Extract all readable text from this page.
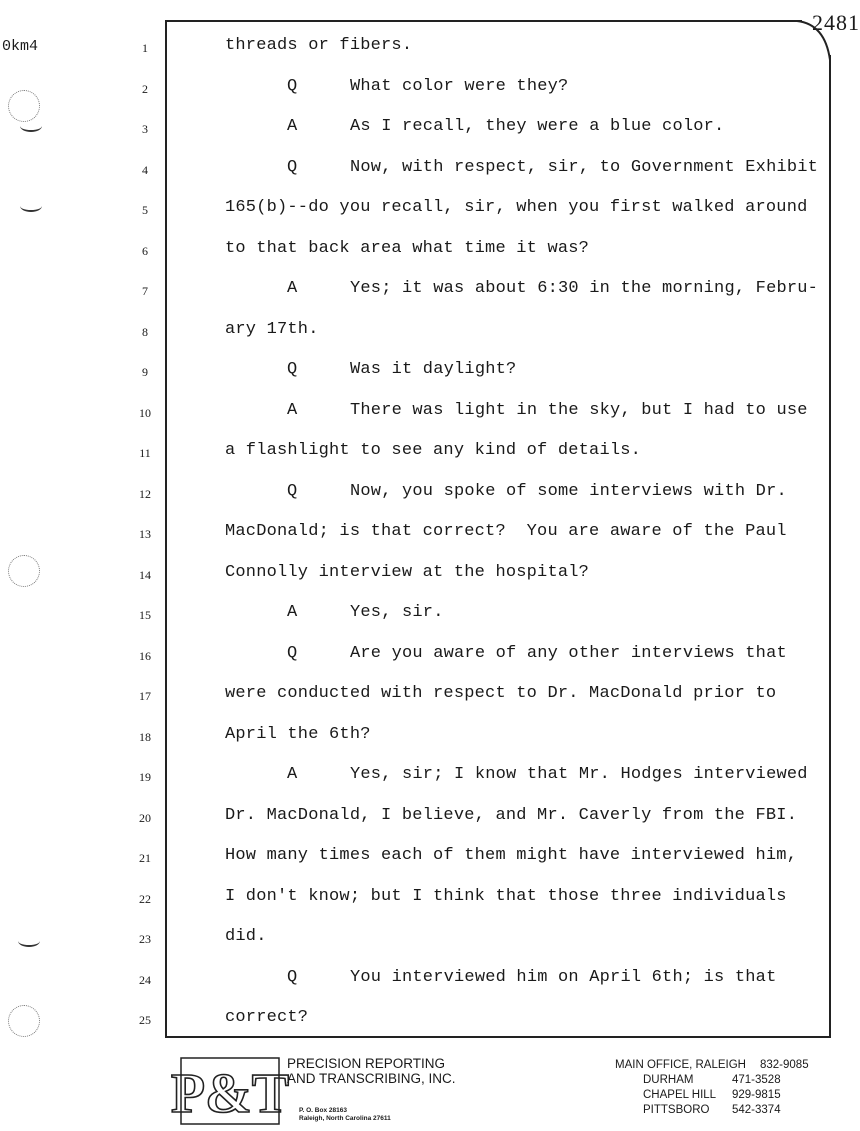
0km4
2481
1	threads or fibers.
2	Q	What color were they?
3	A	As I recall, they were a blue color.
4	Q	Now, with respect, sir, to Government Exhibit
5	165(b)--do you recall, sir, when you first walked around
6	to that back area what time it was?
7	A	Yes; it was about 6:30 in the morning, Febru-
8	ary 17th.
9	Q	Was it daylight?
10	A	There was light in the sky, but I had to use
11	a flashlight to see any kind of details.
12	Q	Now, you spoke of some interviews with Dr.
13	MacDonald; is that correct?  You are aware of the Paul
14	Connolly interview at the hospital?
15	A	Yes, sir.
16	Q	Are you aware of any other interviews that
17	were conducted with respect to Dr. MacDonald prior to
18	April the 6th?
19	A	Yes, sir; I know that Mr. Hodges interviewed
20	Dr. MacDonald, I believe, and Mr. Caverly from the FBI.
21	How many times each of them might have interviewed him,
22	I don't know; but I think that those three individuals
23	did.
24	Q	You interviewed him on April 6th; is that
25	correct?
P&T
PRECISION REPORTING
AND TRANSCRIBING, INC.
P. O. Box 28163
Raleigh, North Carolina 27611
MAIN OFFICE, RALEIGH 832-9085
DURHAM	471-3528
CHAPEL HILL 929-9815
PITTSBORO 542-3374
